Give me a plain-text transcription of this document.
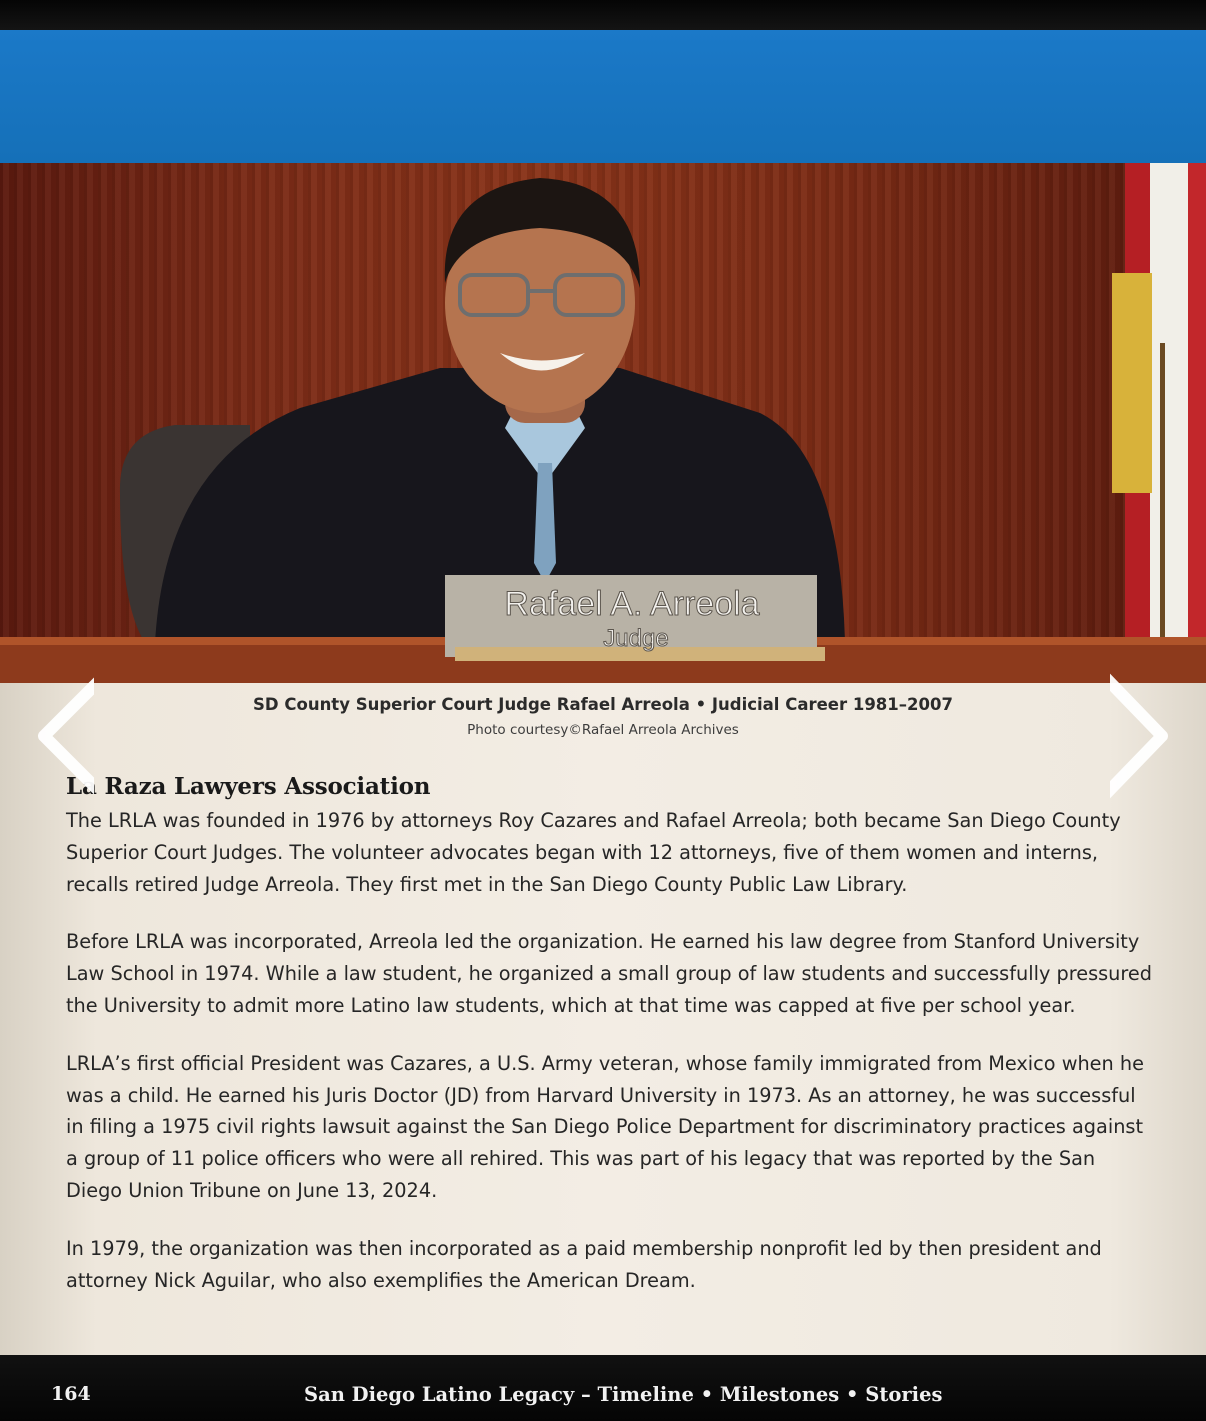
Rafael A. Arreola
Judge
SD County Superior Court Judge Rafael Arreola • Judicial Career 1981–2007
Photo courtesy©Rafael Arreola Archives
La Raza Lawyers Association

The LRLA was founded in 1976 by attorneys Roy Cazares and Rafael Arreola; both became San Diego County Superior Court Judges. The volunteer advocates began with 12 attorneys, five of them women and interns, recalls retired Judge Arreola. They first met in the San Diego County Public Law Library.

Before LRLA was incorporated, Arreola led the organization. He earned his law degree from Stanford University Law School in 1974. While a law student, he organized a small group of law students and successfully pressured the University to admit more Latino law students, which at that time was capped at five per school year.

LRLA’s first official President was Cazares, a U.S. Army veteran, whose family immigrated from Mexico when he was a child. He earned his Juris Doctor (JD) from Harvard University in 1973. As an attorney, he was successful in filing a 1975 civil rights lawsuit against the San Diego Police Department for discriminatory practices against a group of 11 police officers who were all rehired. This was part of his legacy that was reported by the San Diego Union Tribune on June 13, 2024.

In 1979, the organization was then incorporated as a paid membership nonprofit led by then president and attorney Nick Aguilar, who also exemplifies the American Dream.

164	San Diego Latino Legacy – Timeline • Milestones • Stories
